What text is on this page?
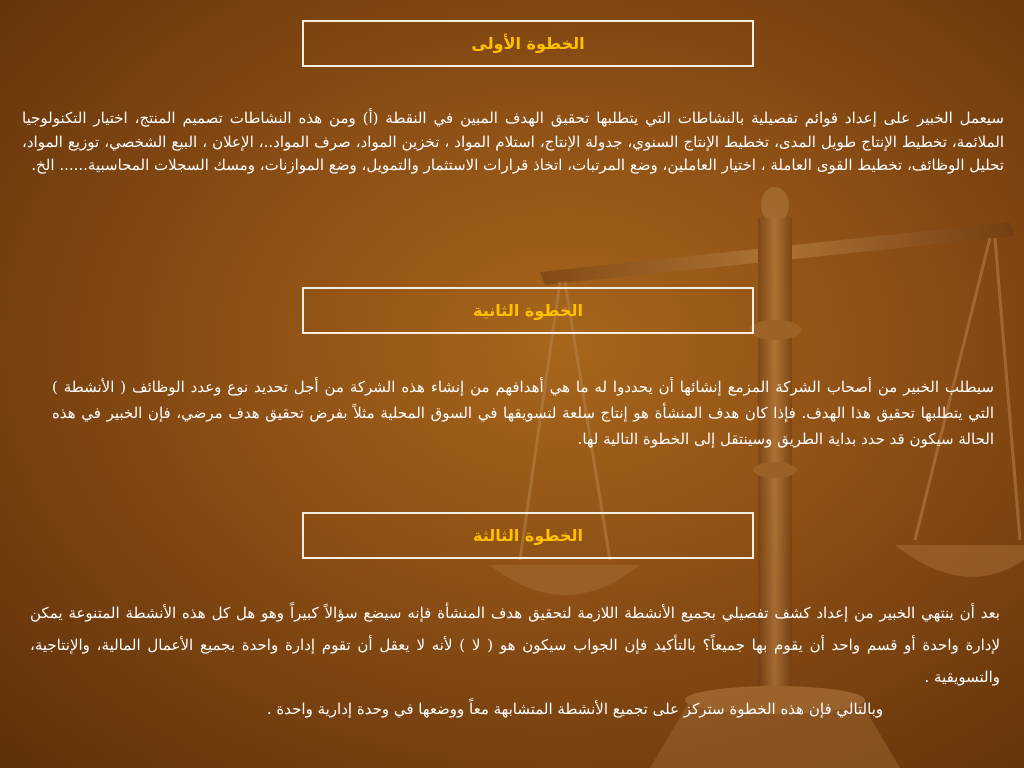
الخطوة الأولى

سيعمل الخبير على إعداد قوائم تفصيلية بالنشاطات التي يتطلبها تحقيق الهدف المبين في النقطة (أ) ومن هذه النشاطات تصميم المنتج، اختيار التكنولوجيا الملائمة، تخطيط الإنتاج طويل المدى، تخطيط الإنتاج السنوي، جدولة الإنتاج، استلام المواد ، تخزين المواد، صرف المواد..، الإعلان ، البيع الشخصي، توزيع المواد، تحليل الوظائف، تخطيط القوى العاملة ، اختيار العاملين، وضع المرتبات، اتخاذ قرارات الاستثمار والتمويل، وضع الموازنات، ومسك السجلات المحاسبية...... الخ.

الخطوة الثانية

سيطلب الخبير من أصحاب الشركة المزمع إنشائها أن يحددوا له ما هي أهدافهم من إنشاء هذه الشركة من أجل تحديد نوع وعدد الوظائف ( الأنشطة ) التي يتطلبها تحقيق هذا الهدف. فإذا كان هدف المنشأة هو إنتاج سلعة لتسويقها في السوق المحلية مثلاً بفرض تحقيق هدف مرضي، فإن الخبير في هذه الحالة سيكون قد حدد بداية الطريق وسينتقل إلى الخطوة التالية لها.

الخطوة الثالثة

بعد أن ينتهي الخبير من إعداد كشف تفصيلي بجميع الأنشطة اللازمة لتحقيق هدف المنشأة فإنه سيضع سؤالاً كبيراً وهو هل كل هذه الأنشطة المتنوعة يمكن لإدارة واحدة أو قسم واحد أن يقوم بها جميعاً؟ بالتأكيد فإن الجواب سيكون هو ( لا ) لأنه لا يعقل أن تقوم إدارة واحدة بجميع الأعمال المالية، والإنتاجية، والتسويقية .

وبالتالي فإن هذه الخطوة ستركز على تجميع الأنشطة المتشابهة معاً ووضعها في وحدة إدارية واحدة .
